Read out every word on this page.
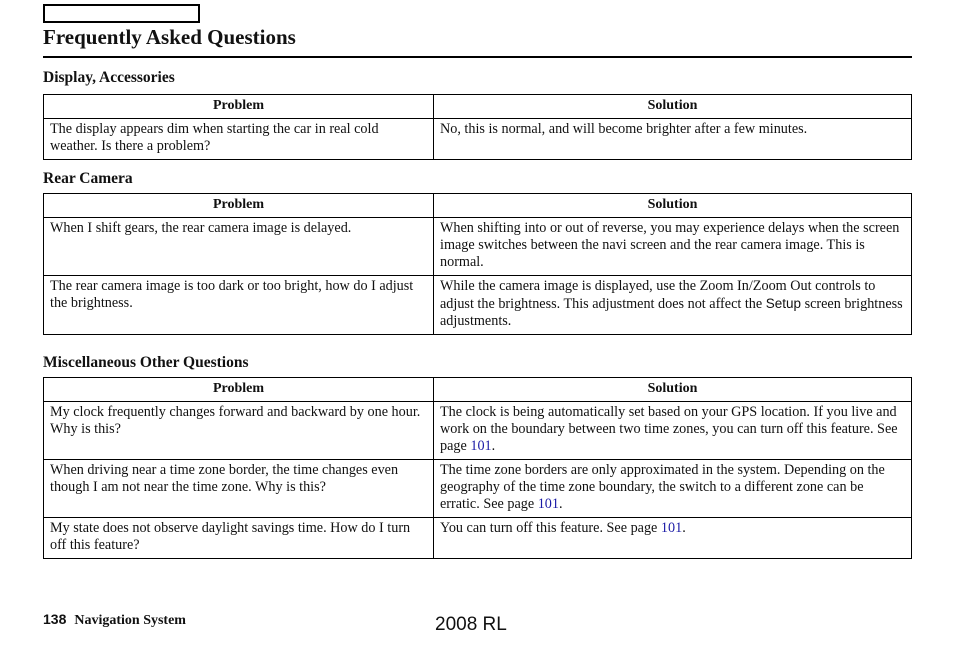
Frequently Asked Questions
Display, Accessories
Problem	Solution
The display appears dim when starting the car in real cold weather. Is there a problem?	No, this is normal, and will become brighter after a few minutes.
Rear Camera
Problem	Solution
When I shift gears, the rear camera image is delayed.	When shifting into or out of reverse, you may experience delays when the screen image switches between the navi screen and the rear camera image. This is normal.
The rear camera image is too dark or too bright, how do I adjust the brightness.	While the camera image is displayed, use the Zoom In/Zoom Out controls to adjust the brightness. This adjustment does not affect the Setup screen brightness adjustments.
Miscellaneous Other Questions
Problem	Solution
My clock frequently changes forward and backward by one hour. Why is this?	The clock is being automatically set based on your GPS location. If you live and work on the boundary between two time zones, you can turn off this feature. See page 101.
When driving near a time zone border, the time changes even though I am not near the time zone. Why is this?	The time zone borders are only approximated in the system. Depending on the geography of the time zone boundary, the switch to a different zone can be erratic. See page 101.
My state does not observe daylight savings time. How do I turn off this feature?	You can turn off this feature. See page 101.
138 Navigation System	2008 RL
